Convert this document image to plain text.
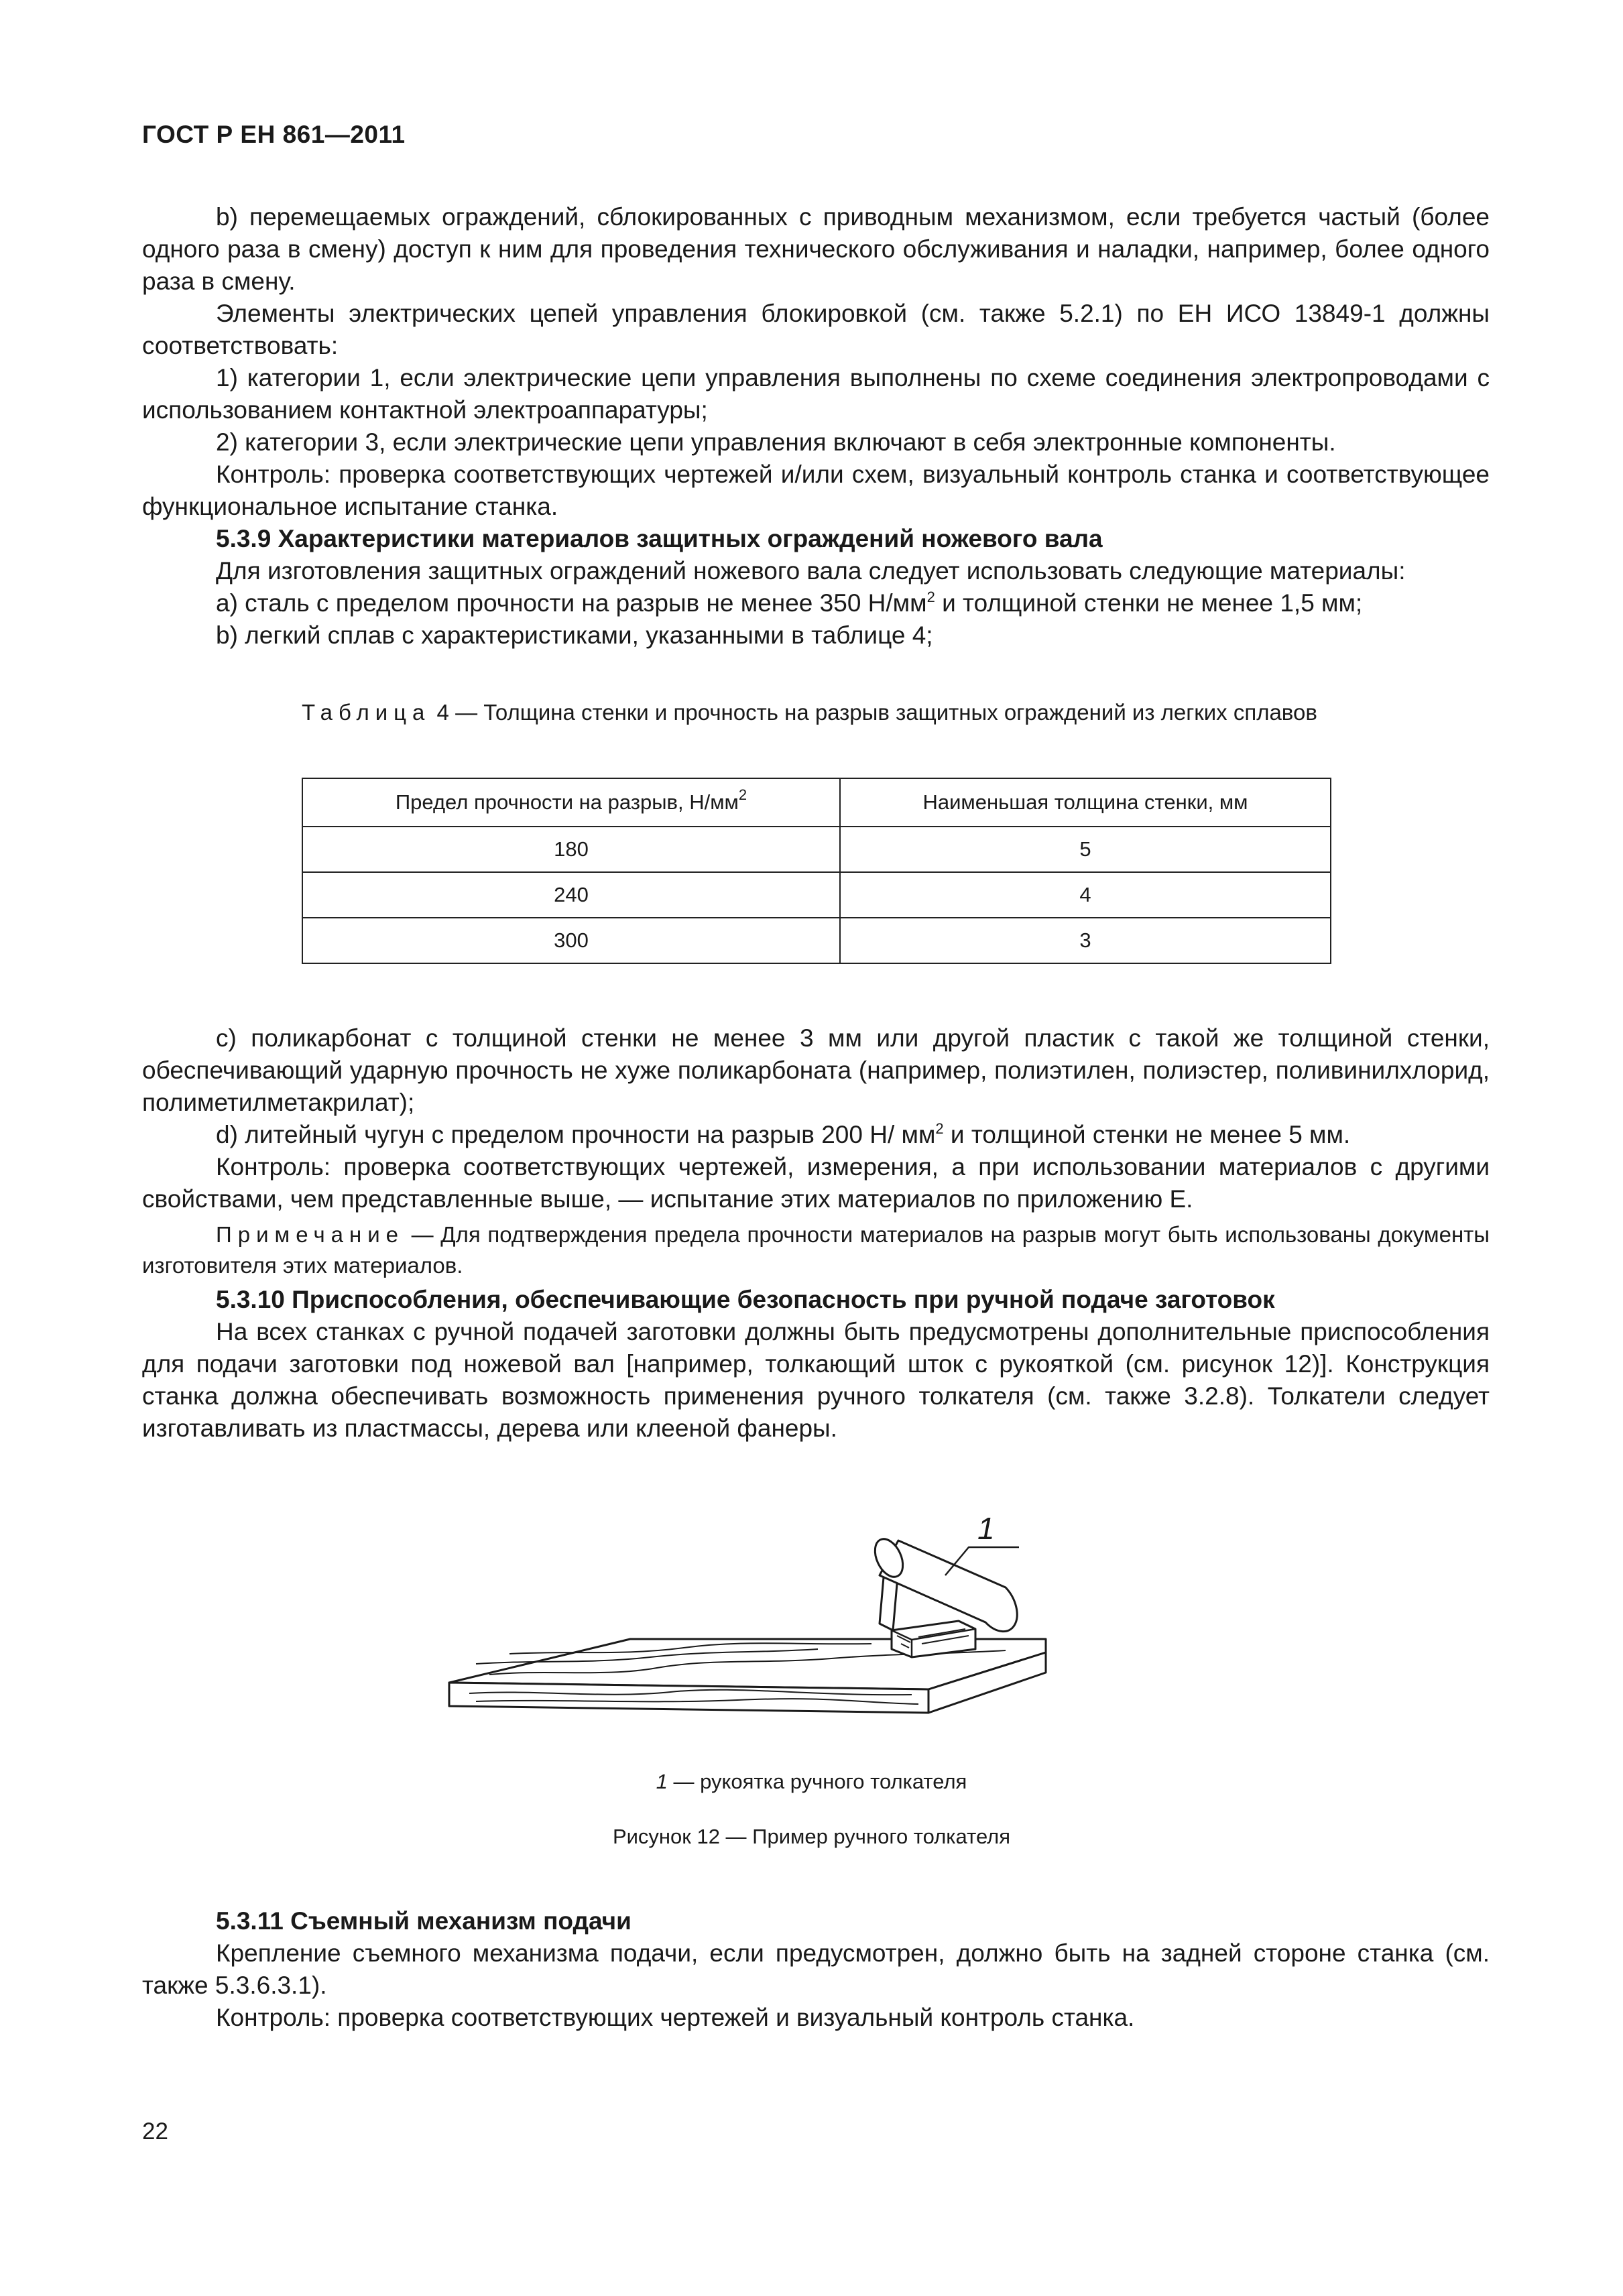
ГОСТ Р ЕН 861—2011

b) перемещаемых ограждений, сблокированных с приводным механизмом, если требуется частый (более одного раза в смену) доступ к ним для проведения технического обслуживания и наладки, например, более одного раза в смену.

Элементы электрических цепей управления блокировкой (см. также 5.2.1) по ЕН ИСО 13849-1 должны соответствовать:

1) категории 1, если электрические цепи управления выполнены по схеме соединения электропроводами с использованием контактной электроаппаратуры;

2) категории 3, если электрические цепи управления включают в себя электронные компоненты.

Контроль: проверка соответствующих чертежей и/или схем, визуальный контроль станка и соответствующее функциональное испытание станка.

5.3.9 Характеристики материалов защитных ограждений ножевого вала

Для изготовления защитных ограждений ножевого вала следует использовать следующие материалы:

а) сталь с пределом прочности на разрыв не менее 350 $Н/мм^2$ и толщиной стенки не менее 1,5 мм;

b) легкий сплав с характеристиками, указанными в таблице 4;

Таблица 4 — Толщина стенки и прочность на разрыв защитных ограждений из легких сплавов
Предел прочности на разрыв, $Н/мм^2$	Наименьшая толщина стенки, мм
180	5
240	4
300	3

c) поликарбонат с толщиной стенки не менее 3 мм или другой пластик с такой же толщиной стенки, обеспечивающий ударную прочность не хуже поликарбоната (например, полиэтилен, полиэстер, поливинилхлорид, полиметилметакрилат);

d) литейный чугун с пределом прочности на разрыв 200 Н/ $мм^2$ и толщиной стенки не менее 5 мм.

Контроль: проверка соответствующих чертежей, измерения, а при использовании материалов с другими свойствами, чем представленные выше, — испытание этих материалов по приложению Е.

Примечание — Для подтверждения предела прочности материалов на разрыв могут быть использованы документы изготовителя этих материалов.

5.3.10 Приспособления, обеспечивающие безопасность при ручной подаче заготовок

На всех станках с ручной подачей заготовки должны быть предусмотрены дополнительные приспособления для подачи заготовки под ножевой вал [например, толкающий шток с рукояткой (см. рисунок 12)]. Конструкция станка должна обеспечивать возможность применения ручного толкателя (см. также 3.2.8). Толкатели следует изготавливать из пластмассы, дерева или клееной фанеры.

1
1 — рукоятка ручного толкателя
Рисунок 12 — Пример ручного толкателя

5.3.11 Съемный механизм подачи

Крепление съемного механизма подачи, если предусмотрен, должно быть на задней стороне станка (см. также 5.3.6.3.1).

Контроль: проверка соответствующих чертежей и визуальный контроль станка.

22
